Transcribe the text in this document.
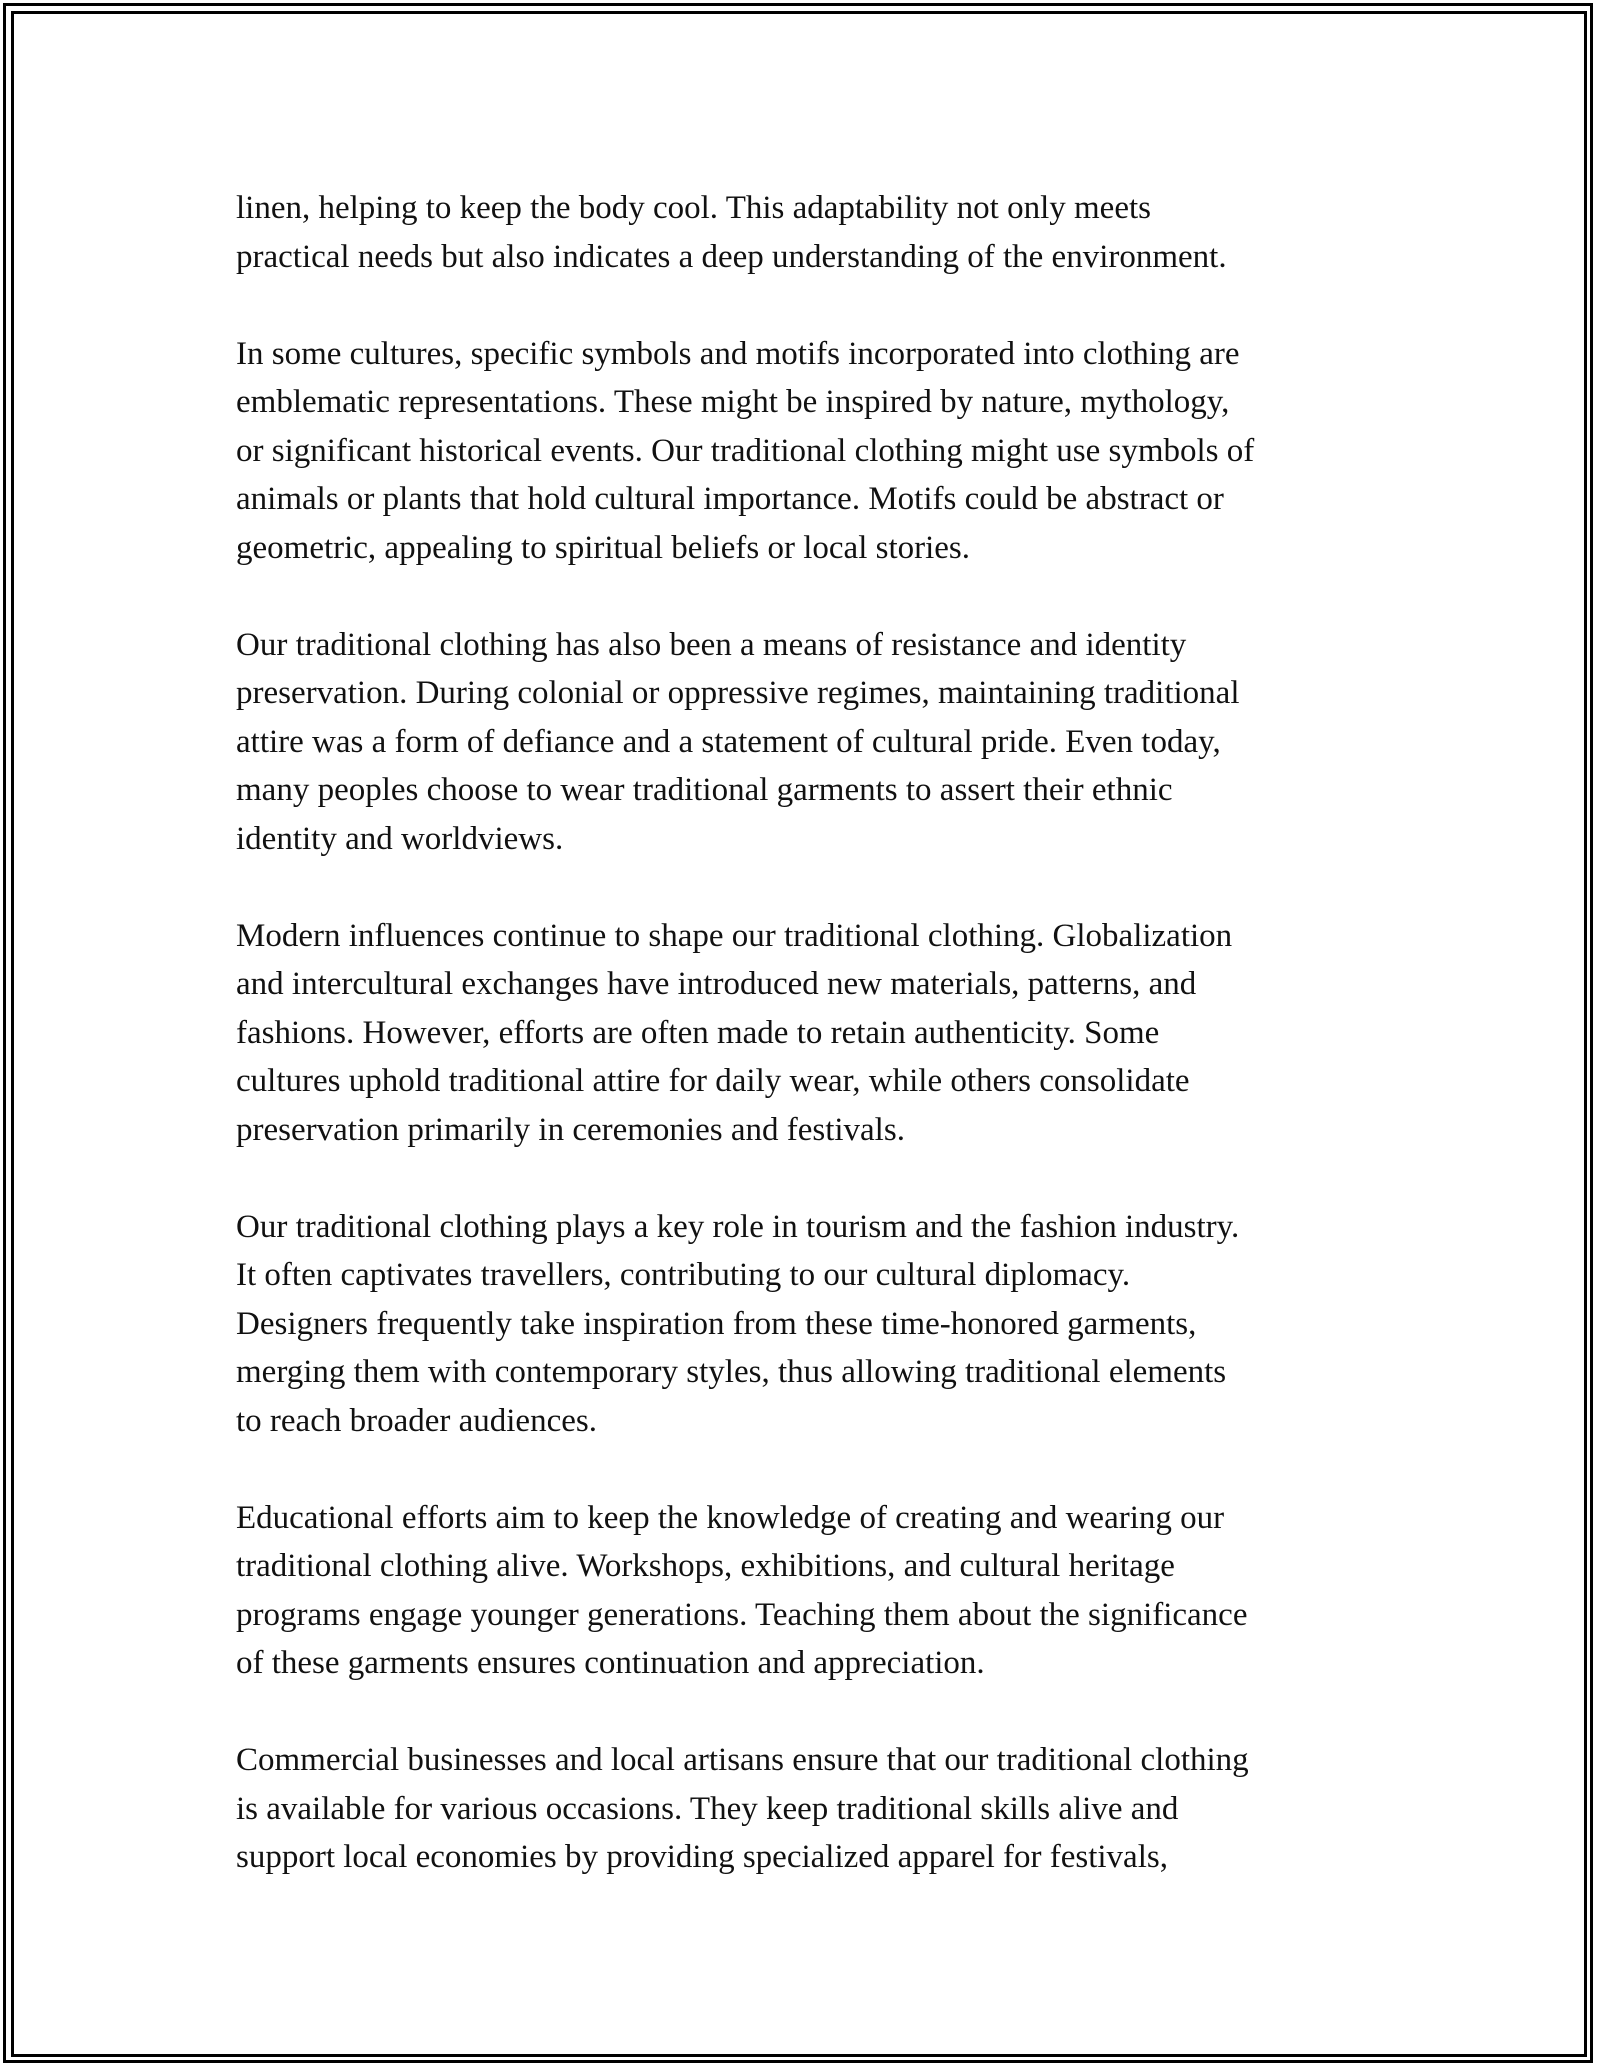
linen, helping to keep the body cool. This adaptability not only meets
practical needs but also indicates a deep understanding of the environment.
In some cultures, specific symbols and motifs incorporated into clothing are
emblematic representations. These might be inspired by nature, mythology,
or significant historical events. Our traditional clothing might use symbols of
animals or plants that hold cultural importance. Motifs could be abstract or
geometric, appealing to spiritual beliefs or local stories.
Our traditional clothing has also been a means of resistance and identity
preservation. During colonial or oppressive regimes, maintaining traditional
attire was a form of defiance and a statement of cultural pride. Even today,
many peoples choose to wear traditional garments to assert their ethnic
identity and worldviews.
Modern influences continue to shape our traditional clothing. Globalization
and intercultural exchanges have introduced new materials, patterns, and
fashions. However, efforts are often made to retain authenticity. Some
cultures uphold traditional attire for daily wear, while others consolidate
preservation primarily in ceremonies and festivals.
Our traditional clothing plays a key role in tourism and the fashion industry.
It often captivates travellers, contributing to our cultural diplomacy.
Designers frequently take inspiration from these time-honored garments,
merging them with contemporary styles, thus allowing traditional elements
to reach broader audiences.
Educational efforts aim to keep the knowledge of creating and wearing our
traditional clothing alive. Workshops, exhibitions, and cultural heritage
programs engage younger generations. Teaching them about the significance
of these garments ensures continuation and appreciation.
Commercial businesses and local artisans ensure that our traditional clothing
is available for various occasions. They keep traditional skills alive and
support local economies by providing specialized apparel for festivals,
